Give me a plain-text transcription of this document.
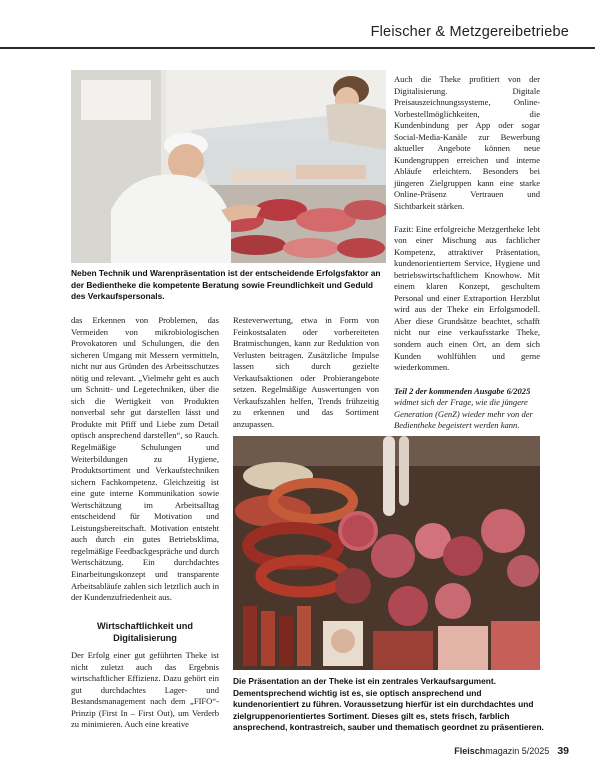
Fleischer & Metzgereibetriebe
Neben Technik und Warenpräsentation ist der entscheidende Erfolgsfaktor an der Bedientheke die kompetente Beratung sowie Freundlichkeit und Geduld des Verkaufspersonals.

das Erkennen von Problemen, das Vermeiden von mikrobiologischen Provokatoren und Schulungen, die den sicheren Umgang mit Messern vermitteln, nicht nur aus Gründen des Arbeitsschutzes nötig und relevant. „Vielmehr geht es auch um Schnitt- und Legetechniken, über die sich die Wertigkeit von Produkten nonverbal sehr gut darstellen lässt und Produkte mit Pfiff und Liebe zum Detail optisch ansprechend darstellen“, so Rauch. Regelmäßige Schulungen und Weiterbildungen zu Hygiene, Produktsortiment und Verkaufstechniken sichern Fachkompetenz. Gleichzeitig ist eine gute interne Kommunikation sowie Wertschätzung im Arbeitsalltag entscheidend für Motivation und Leistungsbereitschaft. Motivation entsteht auch durch ein gutes Betriebsklima, regelmäßige Feedbackgespräche und durch Wertschätzung. Ein durchdachtes Einarbeitungskonzept und transparente Arbeitsabläufe zahlen sich letztlich auch in der Kundenzufriedenheit aus.

Wirtschaftlichkeit und Digitalisierung

Der Erfolg einer gut geführten Theke ist nicht zuletzt auch das Ergebnis wirtschaftlicher Effizienz. Dazu gehört ein gut durchdachtes Lager- und Bestandsmanagement nach dem „FIFO“-Prinzip (First In – First Out), um Verderb zu minimieren. Auch eine kreative

Resteverwertung, etwa in Form von Feinkostsalaten oder vorbereiteten Bratmischungen, kann zur Reduktion von Verlusten beitragen. Zusätzliche Impulse lassen sich durch gezielte Verkaufsaktionen oder Probierangebote setzen. Regelmäßige Auswertungen von Verkaufszahlen helfen, Trends frühzeitig zu erkennen und das Sortiment anzupassen.

Auch die Theke profitiert von der Digitalisierung. Digitale Preisauszeichnungssysteme, Online-Vorbestellmöglichkeiten, die Kundenbindung per App oder sogar Social-Media-Kanäle zur Bewerbung aktueller Angebote können neue Kundengruppen erreichen und interne Abläufe erleichtern. Besonders bei jüngeren Zielgruppen kann eine starke Online-Präsenz Vertrauen und Sichtbarkeit stärken.

Fazit: Eine erfolgreiche Metzgertheke lebt von einer Mischung aus fachlicher Kompetenz, attraktiver Präsentation, kundenorientiertem Service, Hygiene und betriebswirtschaftlichem Knowhow. Mit einem klaren Konzept, geschultem Personal und einer Extraportion Herzblut wird aus der Theke ein Erfolgsmodell. Aber diese Grundsätze beachtet, schafft nicht nur eine verkaufsstarke Theke, sondern auch einen Ort, an dem sich Kunden wohlfühlen und gerne wiederkommen.

Teil 2 der kommenden Ausgabe 6/2025

widmet sich der Frage, wie die jüngere Generation (GenZ) wieder mehr von der Bedientheke begeistert werden kann.

Die Präsentation an der Theke ist ein zentrales Verkaufsargument. Dementsprechend wichtig ist es, sie optisch ansprechend und kundenorientiert zu führen. Voraussetzung hierfür ist ein durchdachtes und zielgruppenorientiertes Sortiment. Dieses gilt es, stets frisch, farblich ansprechend, kontrastreich, sauber und thematisch geordnet zu präsentieren.
Fleischmagazin 5/2025 39
